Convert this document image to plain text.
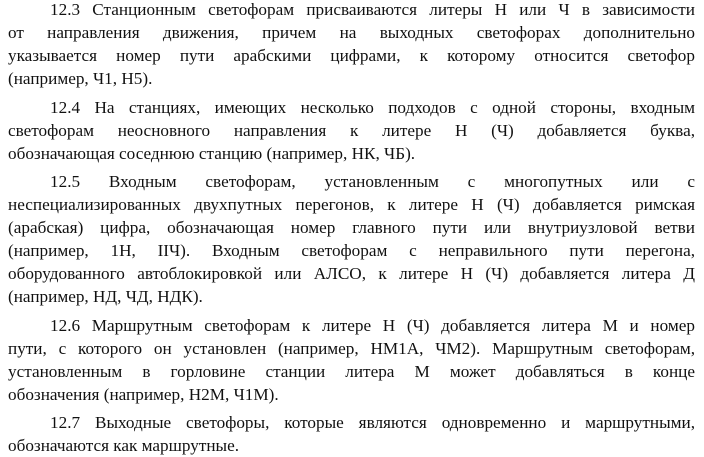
12.3 Станционным светофорам присваиваются литеры Н или Ч в зависимости
от направления движения, причем на выходных светофорах дополнительно
указывается номер пути арабскими цифрами, к которому относится светофор
(например, Ч1, Н5).

12.4 На станциях, имеющих несколько подходов с одной стороны, входным
светофорам неосновного направления к литере Н (Ч) добавляется буква,
обозначающая соседнюю станцию (например, НК, ЧБ).

12.5 Входным светофорам, установленным с многопутных или с
неспециализированных двухпутных перегонов, к литере Н (Ч) добавляется римская
(арабская) цифра, обозначающая номер главного пути или внутриузловой ветви
(например, 1Н, IIЧ). Входным светофорам с неправильного пути перегона,
оборудованного автоблокировкой или АЛСО, к литере Н (Ч) добавляется литера Д
(например, НД, ЧД, НДК).

12.6 Маршрутным светофорам к литере Н (Ч) добавляется литера М и номер
пути, с которого он установлен (например, НМ1А, ЧМ2). Маршрутным светофорам,
установленным в горловине станции литера М может добавляться в конце
обозначения (например, Н2М, Ч1М).

12.7 Выходные светофоры, которые являются одновременно и маршрутными,
обозначаются как маршрутные.
